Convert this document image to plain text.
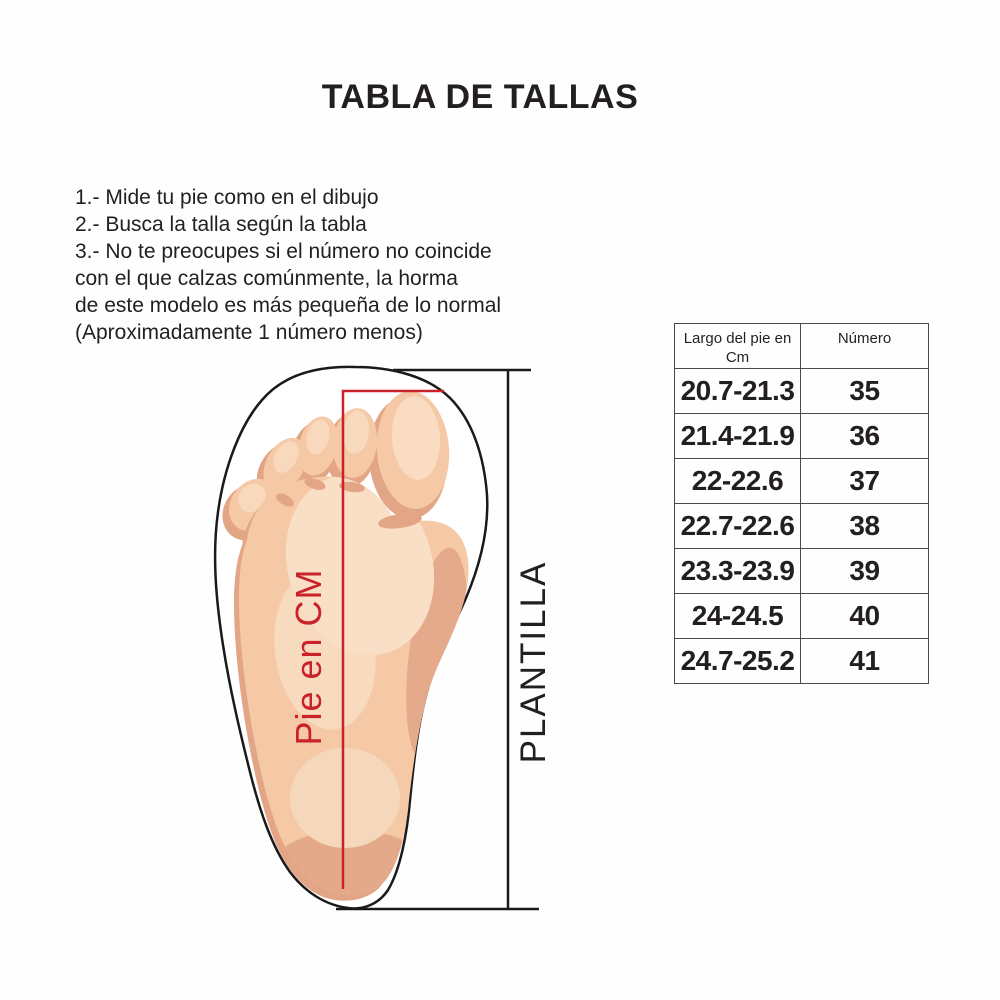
TABLA DE TALLAS
1.- Mide tu pie como en el dibujo
2.- Busca la talla según la tabla
3.- No te preocupes si el número no coincide
con el que calzas comúnmente, la horma
de este modelo es más pequeña de lo normal
(Aproximadamente 1 número menos)
Pie en CM	PLANTILLA
Largo del pie en Cm	Número
20.7-21.3	35
21.4-21.9	36
22-22.6	37
22.7-22.6	38
23.3-23.9	39
24-24.5	40
24.7-25.2	41
